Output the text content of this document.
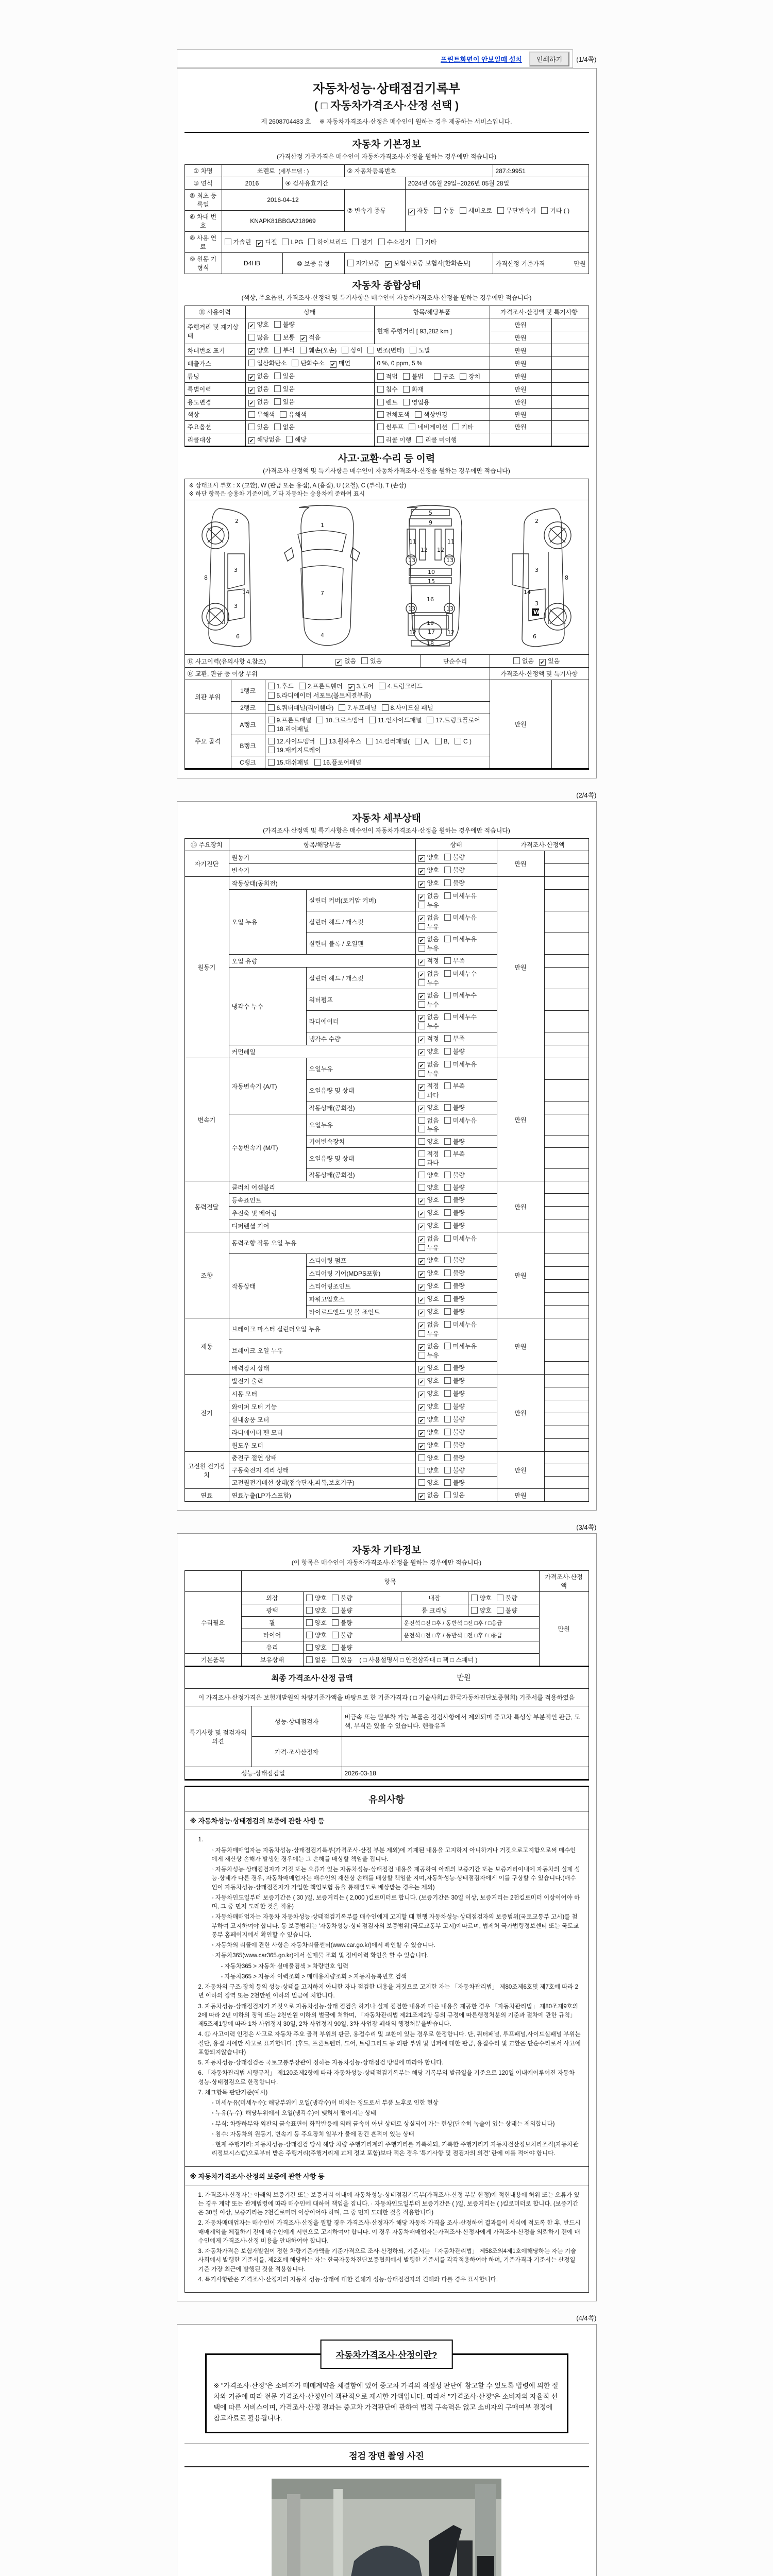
프린트화면이 안보일때 설치	인쇄하기	(1/4쪽)
자동차성능·상태점검기록부
( □ 자동차가격조사·산정 선택 )
제 2608704483 호 ※ 자동차가격조사·산정은 매수인이 원하는 경우 제공하는 서비스입니다.
자동차 기본정보
(가격산정 기준가격은 매수인이 자동차가격조사·산정을 원하는 경우에만 적습니다)
① 차명	쏘렌토 (세부모델 : )		② 자동차등록번호		287소9951
③ 연식	2016	④ 검사유효기간		2024년 05월 29일~2026년 05월 28일	
⑤ 최초 등록일	2016-04-12		⑦ 변속기 종류	✔자동 수동 세미오토 무단변속기 기타 ( )
⑥ 차대 번호	KNAPK81BBGA218969				
⑧ 사용 연료	가솔린 ✔ 디젤 LPG 하이브리드 전기 수소전기 기타
⑨ 원동 기형식	D4HB	⑩ 보증 유형	자가보증 ✔ 보험사보증 보험사[한화손보]		가격산정 기준가격 만원
자동차 종합상태
(색상, 주요옵션, 가격조사·산정액 및 특기사항은 매수인이 자동차가격조사·산정을 원하는 경우에만 적습니다)
⑪ 사용이력	상태	항목/해당부품	가격조사·산정액 및 특기사항	
주행거리 및 계기상태	✔양호 불량	현재 주행거리 [ 93,282 km ]	만원	
	많음 보통 ✔ 적음		만원	
차대번호 표기	✔양호 부식 훼손(오손) 상이 변조(변타) 도말		만원	
배출가스	일산화탄소 탄화수소 ✔ 매연	0 %, 0 ppm, 5 %	만원	
튜닝	✔없음 있음	적법 불법 구조 장치	만원	
특별이력	✔없음 있음	침수 화재	만원	
용도변경	✔없음 있음	렌트 영업용	만원	
색상	무채색 유채색	전체도색 색상변경	만원	
주요옵션	있음 없음	썬루프 네비게이션 기타	만원	
리콜대상	✔해당없음 해당	리콜 이행 리콜 미이행		
사고·교환·수리 등 이력
(가격조사·산정액 및 특기사항은 매수인이 자동차가격조사·산정을 원하는 경우에만 적습니다)
※ 상태표시 부호 : X (교환), W (판금 또는 용접), A (흠집), U (요철), C (부식), T (손상)
※ 하단 항목은 승용차 기준이며, 기타 자동차는 승용차에 준하여 표시
2
3
8
14
3
6
1
7
4
5
9
11	11
12 12
13	13
10
15
16
19
13	13
12	12
17
18
2
3
8
14
3
6
W
⑫ 사고이력(유의사항 4.참조)	✔없음 있음	단순수리	없음 ✔ 있음
⑬ 교환, 판금 등 이상 부위			가격조사·산정액 및 특기사항
외판 부위	1랭크	1.후드 2.프론트휀더 ✔ 3.도어 4.트렁크리드5.라디에이터 서포트(볼트체결부품)	만원	
	2랭크	6.쿼터패널(리어휀다) 7.루프패널 8.사이드실 패널		
주요 골격	A랭크	9.프론트패널 10.크로스멤버 11.인사이드패널 17.트렁크플로어18.리어패널		
	B랭크	12.사이드멤버 13.휠하우스 14.필러패널( A, B, C )19.패키지트레이		
	C랭크	15.대쉬패널 16.플로어패널		
(2/4쪽)
자동차 세부상태
(가격조사·산정액 및 특기사항은 매수인이 자동차가격조사·산정을 원하는 경우에만 적습니다)
⑭ 주요장치	항목/해당부품		상태	가격조사·산정액	
자기진단	원동기	✔양호 불량	만원	
	변속기	✔양호 불량	
원동기	작동상태(공회전)	✔양호 불량	만원	
	오일 누유	실린더 커버(로커암 커버)	✔없음 미세누유누유	
		실린더 헤드 / 개스킷	✔없음 미세누유누유	
		실린더 블록 / 오일팬	✔없음 미세누유누유	
	오일 유량	✔적정 부족	
	냉각수 누수	실린더 헤드 / 개스킷	✔없음 미세누수누수	
		워터펌프	✔없음 미세누수누수	
		라디에이터	✔없음 미세누수누수	
		냉각수 수량	✔적정 부족	
	커먼레일	✔양호 불량	
변속기	자동변속기 (A/T)	오일누유	✔없음 미세누유누유	만원	
		오일유량 및 상태	✔적정 부족과다	
		작동상태(공회전)	✔양호 불량	
	수동변속기 (M/T)	오일누유	없음 미세누유누유		
		기어변속장치	양호 불량		
		오일유량 및 상태	적정 부족과다		
		작동상태(공회전)	양호 불량		
동력전달	클러치 어셈블리		양호 불량	만원	
	등속죠인트	✔양호 불량	
	추진축 및 베어링	✔양호 불량	
	디퍼렌셜 기어	✔양호 불량	
조향	동력조향 작동 오일 누유	✔없음 미세누유누유	만원	
	작동상태	스티어링 펌프	✔양호 불량	
		스티어링 기어(MDPS포함)	✔양호 불량	
		스티어링조인트	✔양호 불량	
		파워고압호스	✔양호 불량	
		타이로드엔드 및 볼 죠인트	✔양호 불량	
제동	브레이크 마스터 실린더오일 누유	✔없음 미세누유누유	만원	
	브레이크 오일 누유	✔없음 미세누유누유	
	배력장치 상태	✔양호 불량	
전기	발전기 출력	✔양호 불량	만원	
	시동 모터	✔양호 불량	
	와이퍼 모터 기능	✔양호 불량	
	실내송풍 모터	✔양호 불량	
	라디에이터 팬 모터	✔양호 불량	
	윈도우 모터	✔양호 불량	
고전원 전기장치	충전구 절연 상태		양호 불량	만원	
	구동축전지 격리 상태		양호 불량		
	고전원전기배선 상태(접속단자,피복,보호기구)		양호 불량		
연료	연료누출(LP가스포함)	✔없음 있음	만원	
(3/4쪽)
자동차 기타정보
(이 항목은 매수인이 자동차가격조사·산정을 원하는 경우에만 적습니다)
	항목				가격조사·산정액
수리필요	외장	양호 불량	내장	양호 불량	만원
	광택	양호 불량	룸 크리닝	양호 불량	
	휠	양호 불량	운전석 □전 □후 / 동반석 □전 □후 / □응급		
	타이어	양호 불량	운전석 □전 □후 / 동반석 □전 □후 / □응급		
	유리	양호 불량			
기본품목	보유상태	없음 있음 ( □ 사용설명서 □ 안전삼각대 □ 잭 □ 스패너 )			
최종 가격조사·산정 금액	만원

이 가격조사·산정가격은 보험개발원의 차량기준가액을 바탕으로 한 기준가격과 ( □ 기술사회,□ 한국자동차진단보증협회) 기준서를 적용하였음
특기사항 및 점검자의 의견	성능·상태점검자	비금속 또는 탈부착 가능 부품은 점검사항에서 제외되며 중고차 특성상 부분적인 판금, 도색, 부식은 있을 수 있습니다. 핸들유격
	가격·조사산정자	
성능·상태점검일		2026-03-18
유의사항
※ 자동차성능·상태점검의 보증에 관한 사항 등
1.
◦ 자동차매매업자는 자동차성능·상태점검기록부(가격조사·산정 부분 제외)에 기재된 내용을 고지하지 아니하거나 거짓으로고지함으로써 매수인에게 재산상 손해가 발생한 경우에는 그 손해를 배상할 책임을 집니다.
◦ 자동차성능·상태점검자가 거짓 또는 오류가 있는 자동차성능·상태점검 내용을 제공하여 아래의 보증기간 또는 보증거리이내에 자동차의 실제 성능·상태가 다른 경우, 자동차매매업자는 매수인의 재산상 손해를 배상할 책임을 지며,자동차성능·상태점검자에게 이를 구상할 수 있습니다.(매수인이 자동차성능·상태점검자가 가입한 책임보험 등을 통해별도로 배상받는 경우는 제외)
◦ 자동차인도일부터 보증기간은 ( 30 )일, 보증거리는 ( 2,000 )킬로미터로 합니다. (보증기간은 30일 이상, 보증거리는 2천킬로미터 이상이어야 하며, 그 중 먼저 도래한 것을 적용)
◦ 자동차매매업자는 자동차 자동차성능·상태점검기록부를 매수인에게 고지할 때 현행 자동차성능·상태점검자의 보증범위(국토교통부 고시)를 첨부하여 고지하여야 합니다. 동 보증범위는 '자동차성능·상태점검자의 보증범위'(국토교통부 고시)에따르며, 법제처 국가법령정보센터 또는 국토교통부 홈페이지에서 확인할 수 있습니다.
◦ 자동차의 리콜에 관한 사항은 자동차리콜센터(www.car.go.kr)에서 확인할 수 있습니다.
◦ 자동차365(www.car365.go.kr)에서 실매물 조회 및 정비이력 확인을 할 수 있습니다.
- 자동차365 > 자동차 실매물검색 > 차량번호 입력
- 자동차365 > 자동차 이력조회 > 매매용차량조회 > 자동차등록번호 검색
2. 자동차의 구조·장치 등의 성능·상태를 고지하지 아니한 자나 점검한 내용을 거짓으로 고지한 자는 「자동차관리법」 제80조제6호및 제7호에 따라 2년 이하의 징역 또는 2천만원 이하의 벌금에 처합니다.
3. 자동차성능·상태점검자가 거짓으로 자동차성능·상태 점검을 하거나 실제 점검한 내용과 다른 내용을 제공한 경우 「자동차관리법」 제80조제9호의2에 따라 2년 이하의 징역 또는 2천만원 이하의 벌금에 처하며, 「자동차관리법 제21조제2항 등의 규정에 따른행정처분의 기준과 절차에 관한 규칙」 제5조제1항에 따라 1차 사업정지 30일, 2차 사업정지 90일, 3차 사업장 폐쇄의 행정처분을받습니다.
4. ⑫ 사고이력 인정은 사고로 자동차 주요 골격 부위의 판금, 용접수리 및 교환이 있는 경우로 한정합니다. 단, 쿼터패널, 루프패널,사이드실패널 부위는 절단, 용접 시에만 사고로 표기합니다. (후드, 프론트펜더, 도어, 트렁크리드 등 외판 부위 및 범퍼에 대한 판금, 용접수리 및 교환은 단순수리로서 사고에 포함되지않습니다)
5. 자동차성능·상태점검은 국토교통부장관이 정하는 자동차성능·상태점검 방법에 따라야 합니다.
6. 「자동차관리법 시행규칙」 제120조제2항에 따라 자동차성능·상태점검기록부는 해당 기록부의 발급일을 기준으로 120일 이내에이루어진 자동차 성능·상태점검으로 한정합니다.
7. 체크항목 판단기준(예시)
◦ 미세누유(미세누수): 해당부위에 오일(냉각수)이 비치는 정도로서 부품 노후로 인한 현상
◦ 누유(누수): 해당부위에서 오일(냉각수)이 맺혀서 떨어지는 상태
◦ 부식: 차량하부와 외판의 금속표면이 화학반응에 의해 금속이 아닌 상태로 상실되어 가는 현상(단순히 녹슬어 있는 상태는 제외합니다)
◦ 침수: 자동차의 원동기, 변속기 등 주요장치 일부가 물에 잠긴 흔적이 있는 상태
◦ 현재 주행거리: 자동차성능·상태점검 당시 해당 차량 주행거리계의 주행거리를 기록하되, 기록한 주행거리가 자동차전산정보처리조직(자동차관리정보시스템)으로부터 받은 주행거리(주행거리계 교체 정보 포함)보다 적은 경우 '특기사항 및 점검자의 의견' 란에 이를 적어야 합니다.
※ 자동차가격조사·산정의 보증에 관한 사항 등
1. 가격조사·산정자는 아래의 보증기간 또는 보증거리 이내에 자동차성능·상태점검기록부(가격조사·산정 부분 한정)에 적힌내용에 허위 또는 오류가 있는 경우 계약 또는 관계법령에 따라 매수인에 대하여 책임을 집니다. · 자동차인도일부터 보증기간은 ( )일, 보증거리는 ( )킬로미터로 합니다. (보증기간은 30일 이상, 보증거리는 2천킬로미터 이상이어야 하며, 그 중 먼저 도래한 것을 적용합니다)
2. 자동차매매업자는 매수인이 가격조사·산정을 원할 경우 가격조사·산정자가 해당 자동차 가격을 조사·산정하여 결과를이 서식에 적도록 한 후, 반드시 매매계약을 체결하기 전에 매수인에게 서면으로 고지하여야 합니다. 이 경우 자동차매매업자는가격조사·산정자에게 가격조사·산정을 의뢰하기 전에 매수인에게 가격조사·산정 비용을 안내하여야 합니다.
3. 자동차가격은 보험개발원이 정한 차량기준가액을 기준가격으로 조사·산정하되, 기준서는 「자동차관리법」 제58조의4제1호에해당하는 자는 기술사회에서 발행한 기준서를, 제2호에 해당하는 자는 한국자동차진단보증협회에서 발행한 기준서를 각각적용하여야 하며, 기준가격과 기준서는 산정일 기준 가장 최근에 발행된 것을 적용합니다.
4. 특기사항란은 가격조사·산정자의 자동차 성능·상태에 대한 견해가 성능·상태점검자의 견해와 다를 경우 표시합니다.
(4/4쪽)
자동차가격조사·산정이란?
※ "가격조사·산정"은 소비자가 매매계약을 체결함에 있어 중고차 가격의 적절성 판단에 참고할 수 있도록 법령에 의한 절차와 기준에 따라 전문 가격조사·산정인이 객관적으로 제시한 가액입니다. 따라서 "가격조사·산정"은 소비자의 자율적 선택에 따른 서비스이며, 가격조사·산정 결과는 중고차 가격판단에 관하여 법적 구속력은 없고 소비자의 구매여부 결정에 참고자료로 활용됩니다.
점검 장면 촬영 사진
